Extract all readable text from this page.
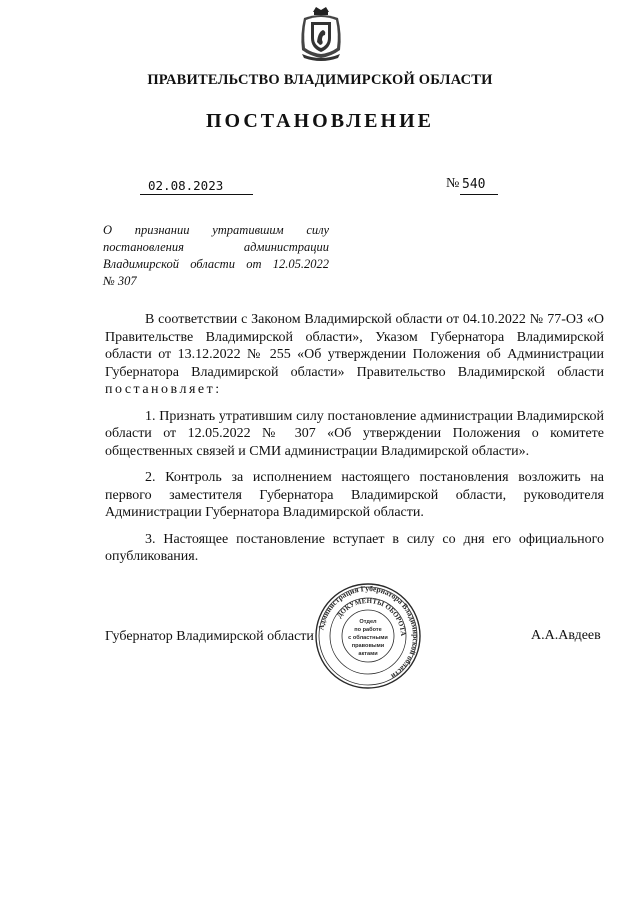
ПРАВИТЕЛЬСТВО ВЛАДИМИРСКОЙ ОБЛАСТИ
ПОСТАНОВЛЕНИЕ
02.08.2023	№ 540
О признании утратившим силу
постановления администрации
Владимирской области от 12.05.2022
№ 307

В соответствии с Законом Владимирской области от 04.10.2022 № 77-ОЗ «О Правительстве Владимирской области», Указом Губернатора Владимирской области от 13.12.2022 № 255 «Об утверждении Положения об Администрации Губернатора Владимирской области» Правительство Владимирской области постановляет:

1. Признать утратившим силу постановление администрации Владимирской области от 12.05.2022 № 307 «Об утверждении Положения о комитете общественных связей и СМИ администрации Владимирской области».

2. Контроль за исполнением настоящего постановления возложить на первого заместителя Губернатора Владимирской области, руководителя Администрации Губернатора Владимирской области.

3. Настоящее постановление вступает в силу со дня его официального опубликования.

Губернатор Владимирской области	А.А.Авдеев
Администрация Губернатора Владимирской области
ДОКУМЕНТЫ ОБОРОТА
Отдел
по работе
с областными
правовыми
актами
